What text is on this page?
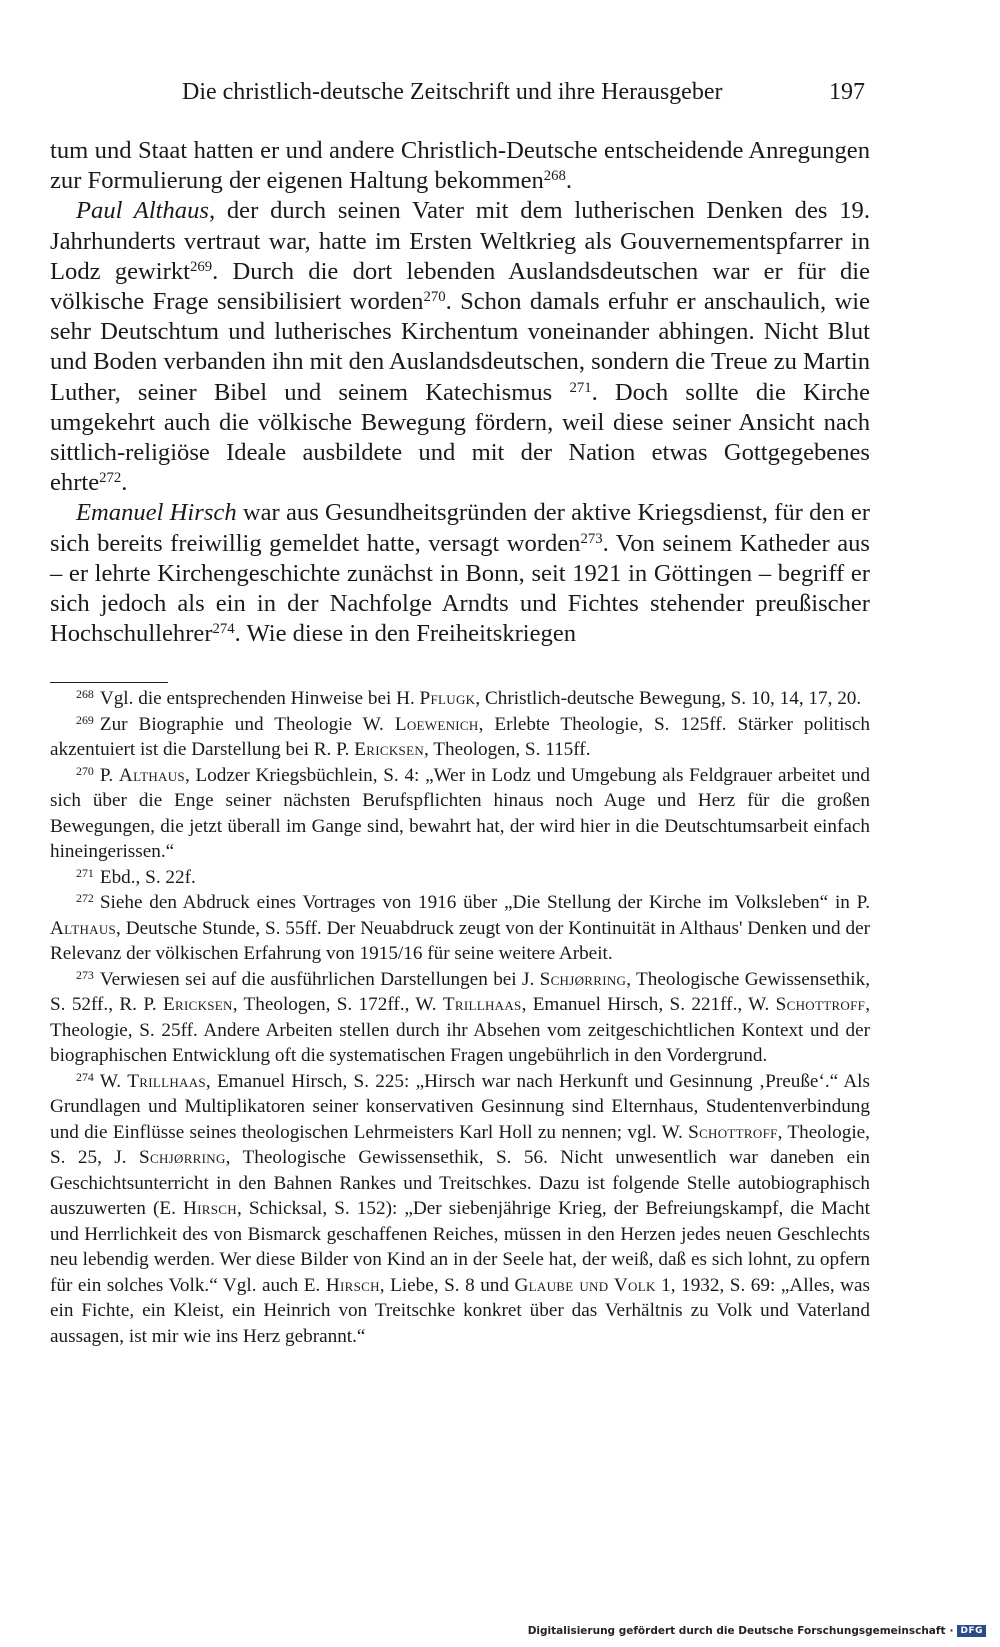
Die christlich-deutsche Zeitschrift und ihre Herausgeber	197

tum und Staat hatten er und andere Christlich-Deutsche entscheidende Anregungen zur Formulierung der eigenen Haltung bekommen$^{268}$.

Paul Althaus, der durch seinen Vater mit dem lutherischen Denken des 19. Jahrhunderts vertraut war, hatte im Ersten Weltkrieg als Gouvernementspfarrer in Lodz gewirkt$^{269}$. Durch die dort lebenden Auslandsdeutschen war er für die völkische Frage sensibilisiert worden$^{270}$. Schon damals erfuhr er anschaulich, wie sehr Deutschtum und lutherisches Kirchentum voneinander abhingen. Nicht Blut und Boden verbanden ihn mit den Auslandsdeutschen, sondern die Treue zu Martin Luther, seiner Bibel und seinem Katechismus $^{271}$. Doch sollte die Kirche umgekehrt auch die völkische Bewegung fördern, weil diese seiner Ansicht nach sittlich-religiöse Ideale ausbildete und mit der Nation etwas Gottgegebenes ehrte$^{272}$.

Emanuel Hirsch war aus Gesundheitsgründen der aktive Kriegsdienst, für den er sich bereits freiwillig gemeldet hatte, versagt worden$^{273}$. Von seinem Katheder aus – er lehrte Kirchengeschichte zunächst in Bonn, seit 1921 in Göttingen – begriff er sich jedoch als ein in der Nachfolge Arndts und Fichtes stehender preußischer Hochschullehrer$^{274}$. Wie diese in den Freiheitskriegen

$^{268}$ Vgl. die entsprechenden Hinweise bei H. Pflugk, Christlich-deutsche Bewegung, S. 10, 14, 17, 20.

$^{269}$ Zur Biographie und Theologie W. Loewenich, Erlebte Theologie, S. 125ff. Stärker politisch akzentuiert ist die Darstellung bei R. P. Ericksen, Theologen, S. 115ff.

$^{270}$ P. Althaus, Lodzer Kriegsbüchlein, S. 4: „Wer in Lodz und Umgebung als Feldgrauer arbeitet und sich über die Enge seiner nächsten Berufspflichten hinaus noch Auge und Herz für die großen Bewegungen, die jetzt überall im Gange sind, bewahrt hat, der wird hier in die Deutschtumsarbeit einfach hineingerissen.“

$^{271}$ Ebd., S. 22f.

$^{272}$ Siehe den Abdruck eines Vortrages von 1916 über „Die Stellung der Kirche im Volksleben“ in P. Althaus, Deutsche Stunde, S. 55ff. Der Neuabdruck zeugt von der Kontinuität in Althaus' Denken und der Relevanz der völkischen Erfahrung von 1915/16 für seine weitere Arbeit.

$^{273}$ Verwiesen sei auf die ausführlichen Darstellungen bei J. Schjørring, Theologische Gewissensethik, S. 52ff., R. P. Ericksen, Theologen, S. 172ff., W. Trillhaas, Emanuel Hirsch, S. 221ff., W. Schottroff, Theologie, S. 25ff. Andere Arbeiten stellen durch ihr Absehen vom zeitgeschichtlichen Kontext und der biographischen Entwicklung oft die systematischen Fragen ungebührlich in den Vordergrund.

$^{274}$ W. Trillhaas, Emanuel Hirsch, S. 225: „Hirsch war nach Herkunft und Gesinnung ‚Preuße‘.“ Als Grundlagen und Multiplikatoren seiner konservativen Gesinnung sind Elternhaus, Studentenverbindung und die Einflüsse seines theologischen Lehrmeisters Karl Holl zu nennen; vgl. W. Schottroff, Theologie, S. 25, J. Schjørring, Theologische Gewissensethik, S. 56. Nicht unwesentlich war daneben ein Geschichtsunterricht in den Bahnen Rankes und Treitschkes. Dazu ist folgende Stelle autobiographisch auszuwerten (E. Hirsch, Schicksal, S. 152): „Der siebenjährige Krieg, der Befreiungskampf, die Macht und Herrlichkeit des von Bismarck geschaffenen Reiches, müssen in den Herzen jedes neuen Geschlechts neu lebendig werden. Wer diese Bilder von Kind an in der Seele hat, der weiß, daß es sich lohnt, zu opfern für ein solches Volk.“ Vgl. auch E. Hirsch, Liebe, S. 8 und Glaube und Volk 1, 1932, S. 69: „Alles, was ein Fichte, ein Kleist, ein Heinrich von Treitschke konkret über das Verhältnis zu Volk und Vaterland aussagen, ist mir wie ins Herz gebrannt.“

Digitalisierung gefördert durch die Deutsche Forschungsgemeinschaft · DFG
